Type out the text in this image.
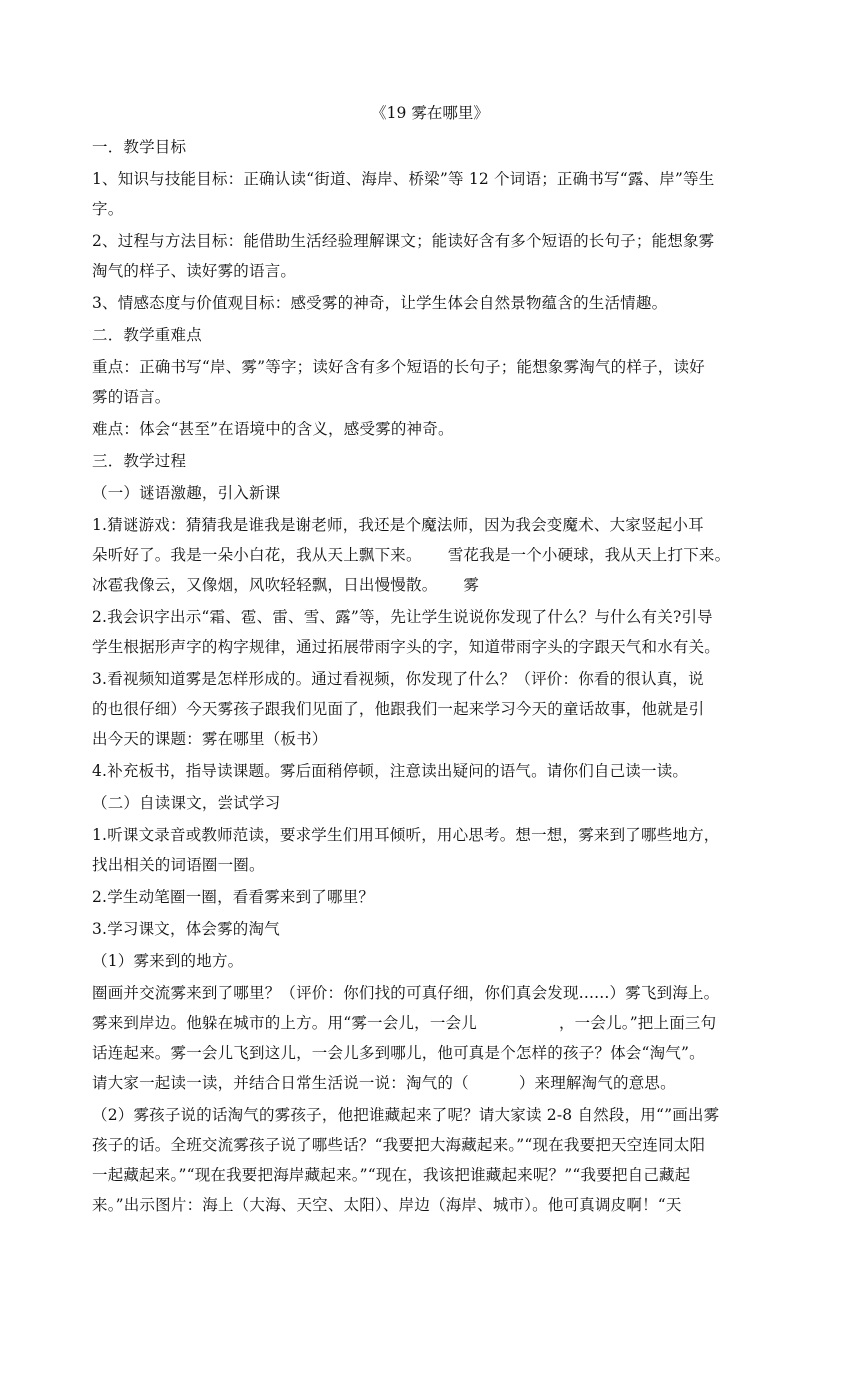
《19 雾在哪里》
一．教学目标
1、知识与技能目标：正确认读“街道、海岸、桥梁”等 12 个词语；正确书写“露、岸”等生
字。
2、过程与方法目标：能借助生活经验理解课文；能读好含有多个短语的长句子；能想象雾
淘气的样子、读好雾的语言。
3、情感态度与价值观目标：感受雾的神奇，让学生体会自然景物蕴含的生活情趣。
二．教学重难点
重点：正确书写“岸、雾”等字；读好含有多个短语的长句子；能想象雾淘气的样子，读好
雾的语言。
难点：体会“甚至”在语境中的含义，感受雾的神奇。
三．教学过程
（一）谜语激趣，引入新课
1.猜谜游戏：猜猜我是谁我是谢老师，我还是个魔法师，因为我会变魔术、大家竖起小耳
朵听好了。我是一朵小白花，我从天上飘下来。 雪花我是一个小硬球，我从天上打下来。
冰雹我像云，又像烟，风吹轻轻飘，日出慢慢散。 雾
2.我会识字出示“霜、雹、雷、雪、露”等，先让学生说说你发现了什么？与什么有关?引导
学生根据形声字的构字规律，通过拓展带雨字头的字，知道带雨字头的字跟天气和水有关。
3.看视频知道雾是怎样形成的。通过看视频，你发现了什么？（评价：你看的很认真，说
的也很仔细）今天雾孩子跟我们见面了，他跟我们一起来学习今天的童话故事，他就是引
出今天的课题：雾在哪里（板书）
4.补充板书，指导读课题。雾后面稍停顿，注意读出疑问的语气。请你们自己读一读。
（二）自读课文，尝试学习
1.听课文录音或教师范读，要求学生们用耳倾听，用心思考。想一想，雾来到了哪些地方，
找出相关的词语圈一圈。
2.学生动笔圈一圈，看看雾来到了哪里？
3.学习课文，体会雾的淘气
（1）雾来到的地方。
圈画并交流雾来到了哪里？（评价：你们找的可真仔细，你们真会发现......）雾飞到海上。
雾来到岸边。他躲在城市的上方。用“雾一会儿，一会儿	，一会儿。”把上面三句
话连起来。雾一会儿飞到这儿，一会儿多到哪儿，他可真是个怎样的孩子？体会“淘气”。
请大家一起读一读，并结合日常生活说一说：淘气的（	）来理解淘气的意思。
（2）雾孩子说的话淘气的雾孩子，他把谁藏起来了呢？请大家读 2-8 自然段，用“”画出雾
孩子的话。全班交流雾孩子说了哪些话？“我要把大海藏起来。”“现在我要把天空连同太阳
一起藏起来。”“现在我要把海岸藏起来。”“现在，我该把谁藏起来呢？”“我要把自己藏起
来。”出示图片：海上（大海、天空、太阳）、岸边（海岸、城市）。他可真调皮啊！“天
